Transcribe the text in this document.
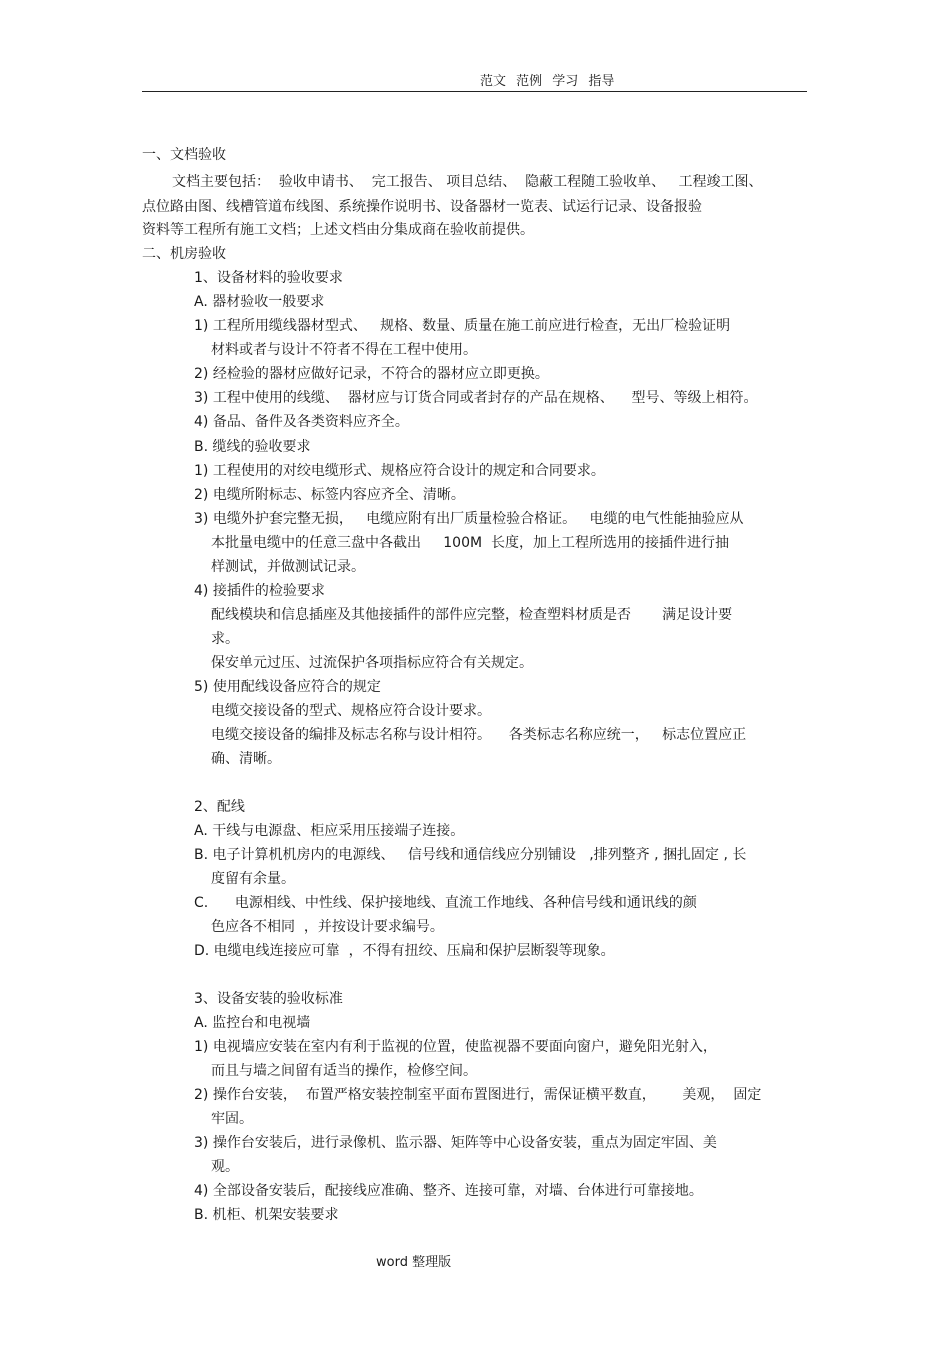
范文 范例 学习 指导
一、文档验收
文档主要包括：  验收申请书、  完工报告、 项目总结、  隐蔽工程随工验收单、   工程竣工图、
点位路由图、线槽管道布线图、系统操作说明书、设备器材一览表、试运行记录、设备报验
资料等工程所有施工文档；上述文档由分集成商在验收前提供。
二、机房验收
1、设备材料的验收要求
A. 器材验收一般要求
1) 工程所用缆线器材型式、   规格、数量、质量在施工前应进行检查，无出厂检验证明
材料或者与设计不符者不得在工程中使用。
2) 经检验的器材应做好记录，不符合的器材应立即更换。
3) 工程中使用的线缆、  器材应与订货合同或者封存的产品在规格、    型号、等级上相符。
4) 备品、备件及各类资料应齐全。
B. 缆线的验收要求
1) 工程使用的对绞电缆形式、规格应符合设计的规定和合同要求。
2) 电缆所附标志、标签内容应齐全、清晰。
3) 电缆外护套完整无损，   电缆应附有出厂质量检验合格证。   电缆的电气性能抽验应从
本批量电缆中的任意三盘中各截出     100M  长度，加上工程所选用的接插件进行抽
样测试，并做测试记录。
4) 接插件的检验要求
配线模块和信息插座及其他接插件的部件应完整，检查塑料材质是否       满足设计要
求。
保安单元过压、过流保护各项指标应符合有关规定。
5) 使用配线设备应符合的规定
电缆交接设备的型式、规格应符合设计要求。
电缆交接设备的编排及标志名称与设计相符。    各类标志名称应统一，   标志位置应正
确、清晰。
2、配线
A. 干线与电源盘、柜应采用压接端子连接。
B. 电子计算机机房内的电源线、   信号线和通信线应分别铺设   ,排列整齐 , 捆扎固定 , 长
度留有余量。
C.      电源相线、中性线、保护接地线、直流工作地线、各种信号线和通讯线的颜
色应各不相同  ，并按设计要求编号。
D. 电缆电线连接应可靠  ，不得有扭绞、压扁和保护层断裂等现象。
3、设备安装的验收标准
A. 监控台和电视墙
1) 电视墙应安装在室内有利于监视的位置，使监视器不要面向窗户，避免阳光射入，
而且与墙之间留有适当的操作，检修空间。
2) 操作台安装，  布置严格安装控制室平面布置图进行，需保证横平数直，      美观，  固定
牢固。
3) 操作台安装后，进行录像机、监示器、矩阵等中心设备安装，重点为固定牢固、美
观。
4) 全部设备安装后，配接线应准确、整齐、连接可靠，对墙、台体进行可靠接地。
B. 机柜、机架安装要求
word 整理版
